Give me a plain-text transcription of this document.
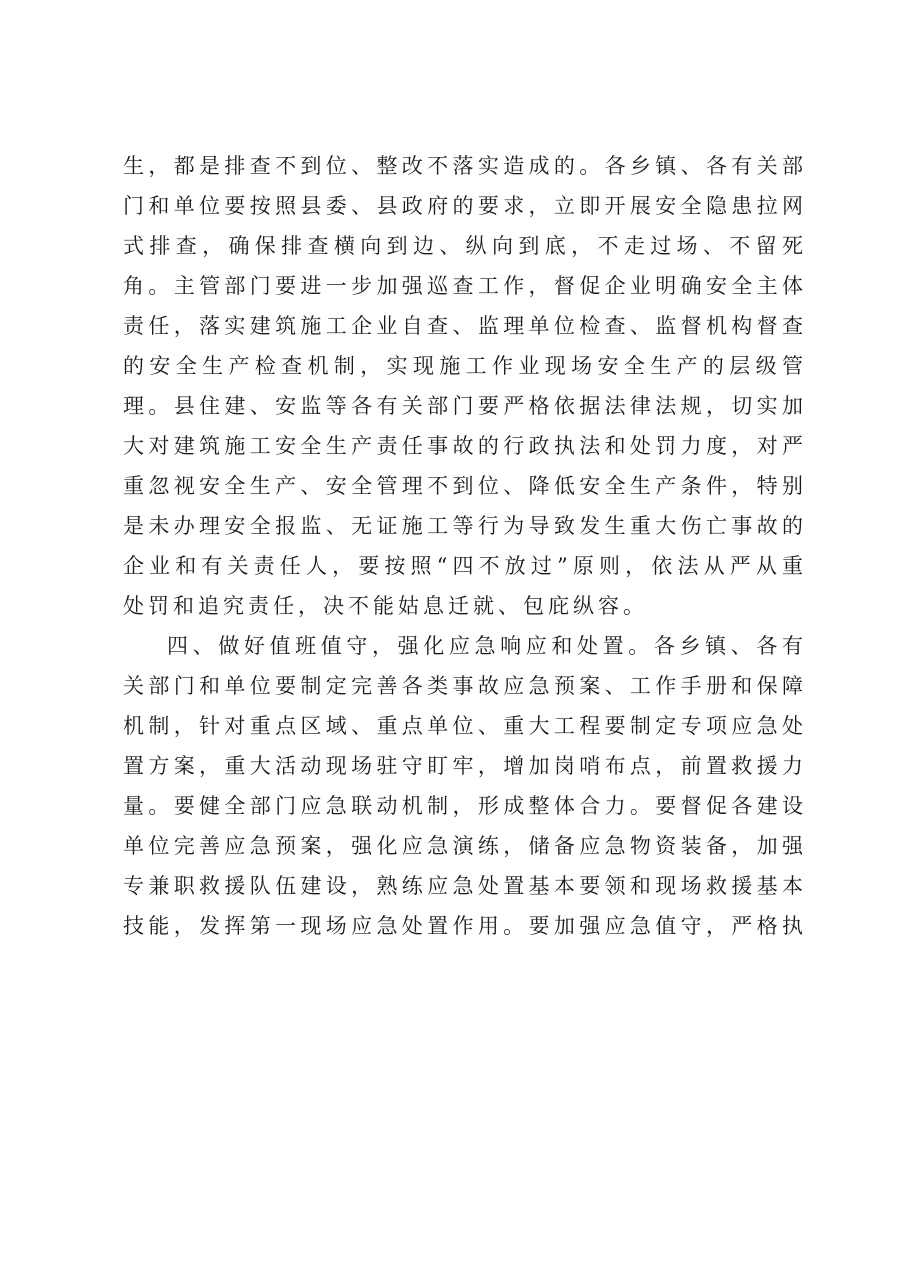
生，都是排查不到位、整改不落实造成的。各乡镇、各有关部
门和单位要按照县委、县政府的要求，立即开展安全隐患拉网
式排查，确保排查横向到边、纵向到底，不走过场、不留死
角。主管部门要进一步加强巡查工作，督促企业明确安全主体
责任，落实建筑施工企业自查、监理单位检查、监督机构督查
的安全生产检查机制，实现施工作业现场安全生产的层级管
理。县住建、安监等各有关部门要严格依据法律法规，切实加
大对建筑施工安全生产责任事故的行政执法和处罚力度，对严
重忽视安全生产、安全管理不到位、降低安全生产条件，特别
是未办理安全报监、无证施工等行为导致发生重大伤亡事故的
企业和有关责任人，要按照“四不放过”原则，依法从严从重
处罚和追究责任，决不能姑息迁就、包庇纵容。
四、做好值班值守，强化应急响应和处置。各乡镇、各有
关部门和单位要制定完善各类事故应急预案、工作手册和保障
机制，针对重点区域、重点单位、重大工程要制定专项应急处
置方案，重大活动现场驻守盯牢，增加岗哨布点，前置救援力
量。要健全部门应急联动机制，形成整体合力。要督促各建设
单位完善应急预案，强化应急演练，储备应急物资装备，加强
专兼职救援队伍建设，熟练应急处置基本要领和现场救援基本
技能，发挥第一现场应急处置作用。要加强应急值守，严格执
